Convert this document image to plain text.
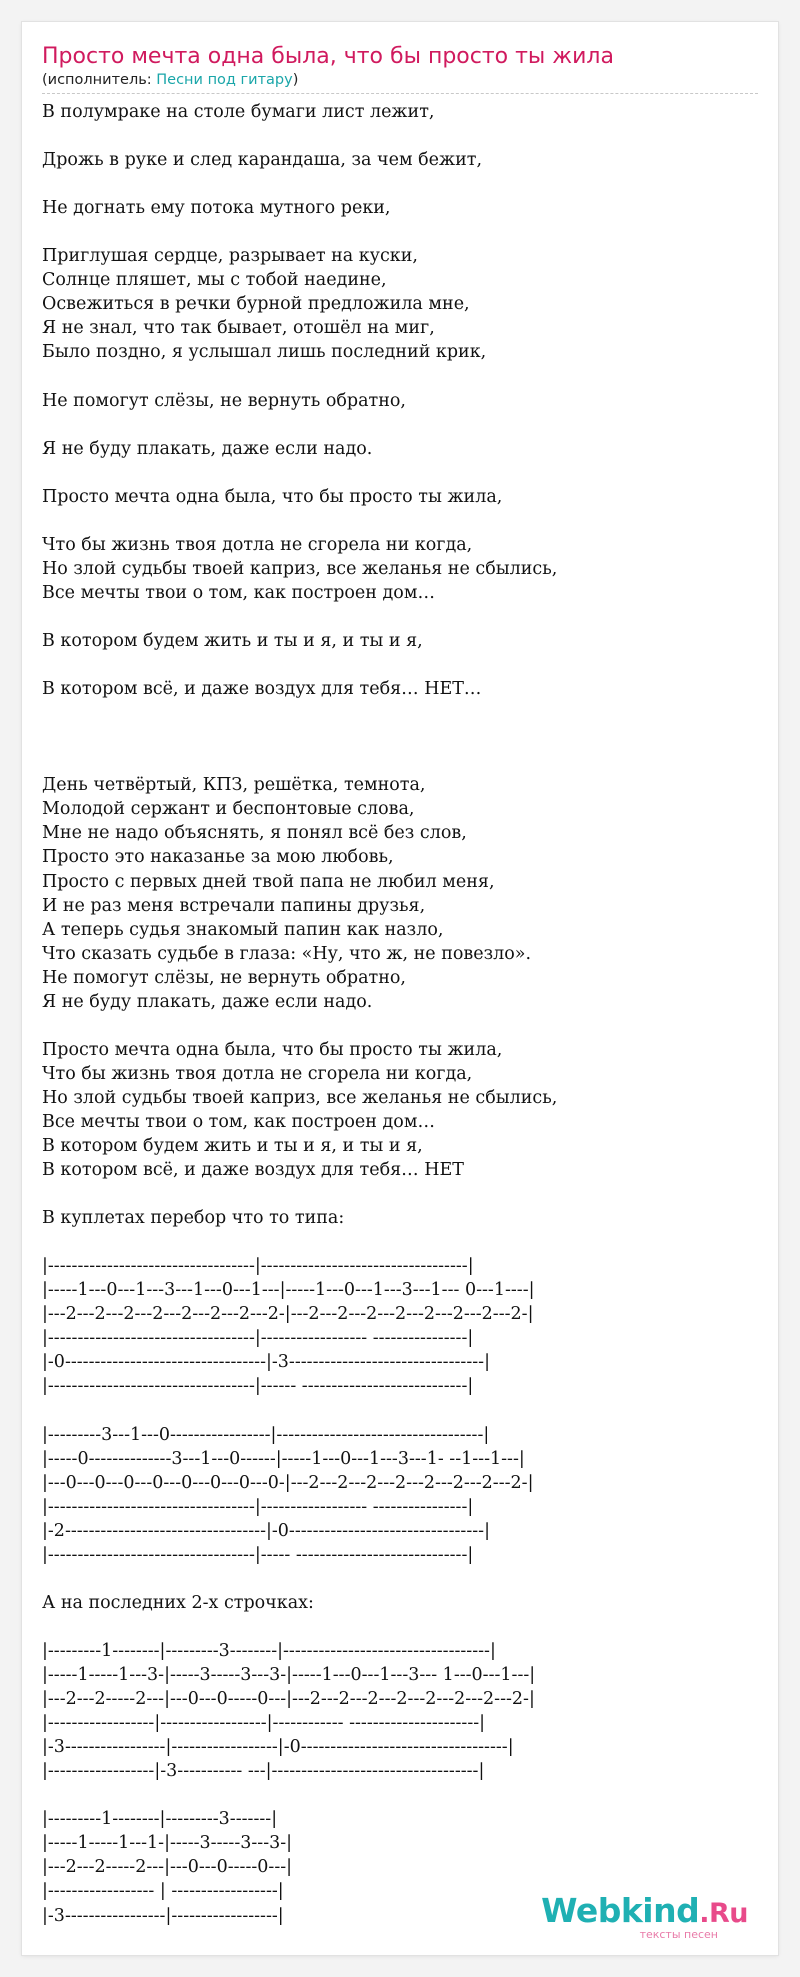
Просто мечта одна была, что бы просто ты жила
(исполнитель: Песни под гитару)
В полумраке на столе бумаги лист лежит,

Дрожь в руке и след карандаша, за чем бежит,

Не догнать ему потока мутного реки,

Приглушая сердце, разрывает на куски,
Солнце пляшет, мы с тобой наедине,
Освежиться в речки бурной предложила мне,
Я не знал, что так бывает, отошёл на миг,
Было поздно, я услышал лишь последний крик,

Не помогут слёзы, не вернуть обратно,

Я не буду плакать, даже если надо.

Просто мечта одна была, что бы просто ты жила,

Что бы жизнь твоя дотла не сгорела ни когда,
Но злой судьбы твоей каприз, все желанья не сбылись,
Все мечты твои о том, как построен дом…

В котором будем жить и ты и я, и ты и я,

В котором всё, и даже воздух для тебя… НЕТ…

День четвёртый, КПЗ, решётка, темнота,
Молодой сержант и беспонтовые слова,
Мне не надо объяснять, я понял всё без слов,
Просто это наказанье за мою любовь,
Просто с первых дней твой папа не любил меня,
И не раз меня встречали папины друзья,
А теперь судья знакомый папин как назло,
Что сказать судьбе в глаза: «Ну, что ж, не повезло».
Не помогут слёзы, не вернуть обратно,
Я не буду плакать, даже если надо.

Просто мечта одна была, что бы просто ты жила,
Что бы жизнь твоя дотла не сгорела ни когда,
Но злой судьбы твоей каприз, все желанья не сбылись,
Все мечты твои о том, как построен дом…
В котором будем жить и ты и я, и ты и я,
В котором всё, и даже воздух для тебя… НЕТ

В куплетах перебор что то типа:

|-----------------------------------|-----------------------------------|
|-----1---0---1---3---1---0---1---|-----1---0---1---3---1--- 0---1----|
|---2---2---2---2---2---2---2---2-|---2---2---2---2---2---2---2---2-|
|-----------------------------------|------------------ ----------------|
|-0----------------------------------|-3---------------------------------|
|-----------------------------------|------ ----------------------------|

|---------3---1---0-----------------|-----------------------------------|
|-----0--------------3---1---0------|-----1---0---1---3---1- --1---1---|
|---0---0---0---0---0---0---0---0-|---2---2---2---2---2---2---2---2-|
|-----------------------------------|------------------ ----------------|
|-2----------------------------------|-0---------------------------------|
|-----------------------------------|----- -----------------------------|

А на последних 2-х строчках:

|---------1--------|---------3--------|-----------------------------------|
|-----1-----1---3-|-----3-----3---3-|-----1---0---1---3--- 1---0---1---|
|---2---2-----2---|---0---0-----0---|---2---2---2---2---2---2---2---2-|
|------------------|------------------|------------ ----------------------|
|-3-----------------|------------------|-0-----------------------------------|
|------------------|-3----------- ---|-----------------------------------|

|---------1--------|---------3-------|
|-----1-----1---1-|-----3-----3---3-|
|---2---2-----2---|---0---0-----0---|
|------------------ | ------------------|
|-3-----------------|------------------|	Webkind.Ru
тексты песен
